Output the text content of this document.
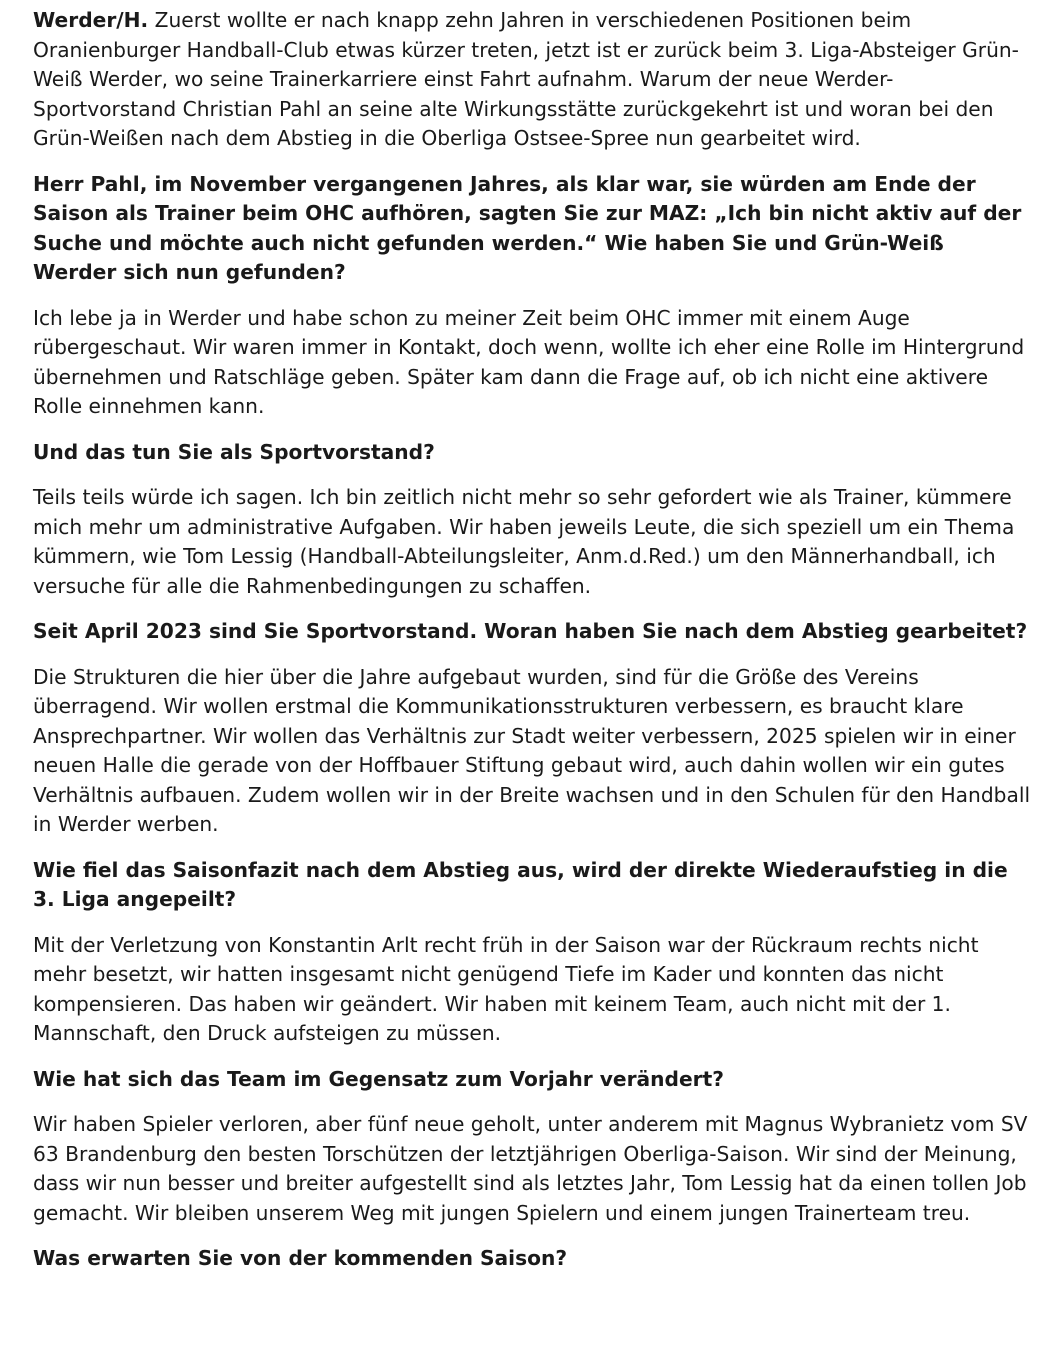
Werder/H. Zuerst wollte er nach knapp zehn Jahren in verschiedenen Positionen beim Oranienburger Handball-Club etwas kürzer treten, jetzt ist er zurück beim 3. Liga-Absteiger Grün-Weiß Werder, wo seine Trainerkarriere einst Fahrt aufnahm. Warum der neue Werder-Sportvorstand Christian Pahl an seine alte Wirkungsstätte zurückgekehrt ist und woran bei den Grün-Weißen nach dem Abstieg in die Oberliga Ostsee-Spree nun gearbeitet wird.

Herr Pahl, im November vergangenen Jahres, als klar war, sie würden am Ende der Saison als Trainer beim OHC aufhören, sagten Sie zur MAZ: „Ich bin nicht aktiv auf der Suche und möchte auch nicht gefunden werden.“ Wie haben Sie und Grün-Weiß Werder sich nun gefunden?

Ich lebe ja in Werder und habe schon zu meiner Zeit beim OHC immer mit einem Auge rübergeschaut. Wir waren immer in Kontakt, doch wenn, wollte ich eher eine Rolle im Hintergrund übernehmen und Ratschläge geben. Später kam dann die Frage auf, ob ich nicht eine aktivere Rolle einnehmen kann.

Und das tun Sie als Sportvorstand?

Teils teils würde ich sagen. Ich bin zeitlich nicht mehr so sehr gefordert wie als Trainer, kümmere mich mehr um administrative Aufgaben. Wir haben jeweils Leute, die sich speziell um ein Thema kümmern, wie Tom Lessig (Handball-Abteilungsleiter, Anm.d.Red.) um den Männerhandball, ich versuche für alle die Rahmenbedingungen zu schaffen.

Seit April 2023 sind Sie Sportvorstand. Woran haben Sie nach dem Abstieg gearbeitet?

Die Strukturen die hier über die Jahre aufgebaut wurden, sind für die Größe des Vereins überragend. Wir wollen erstmal die Kommunikationsstrukturen verbessern, es braucht klare Ansprechpartner. Wir wollen das Verhältnis zur Stadt weiter verbessern, 2025 spielen wir in einer neuen Halle die gerade von der Hoffbauer Stiftung gebaut wird, auch dahin wollen wir ein gutes Verhältnis aufbauen. Zudem wollen wir in der Breite wachsen und in den Schulen für den Handball in Werder werben.

Wie fiel das Saisonfazit nach dem Abstieg aus, wird der direkte Wiederaufstieg in die 3. Liga angepeilt?

Mit der Verletzung von Konstantin Arlt recht früh in der Saison war der Rückraum rechts nicht mehr besetzt, wir hatten insgesamt nicht genügend Tiefe im Kader und konnten das nicht kompensieren. Das haben wir geändert. Wir haben mit keinem Team, auch nicht mit der 1. Mannschaft, den Druck aufsteigen zu müssen.

Wie hat sich das Team im Gegensatz zum Vorjahr verändert?

Wir haben Spieler verloren, aber fünf neue geholt, unter anderem mit Magnus Wybranietz vom SV 63 Brandenburg den besten Torschützen der letztjährigen Oberliga-Saison. Wir sind der Meinung, dass wir nun besser und breiter aufgestellt sind als letztes Jahr, Tom Lessig hat da einen tollen Job gemacht. Wir bleiben unserem Weg mit jungen Spielern und einem jungen Trainerteam treu.

Was erwarten Sie von der kommenden Saison?
